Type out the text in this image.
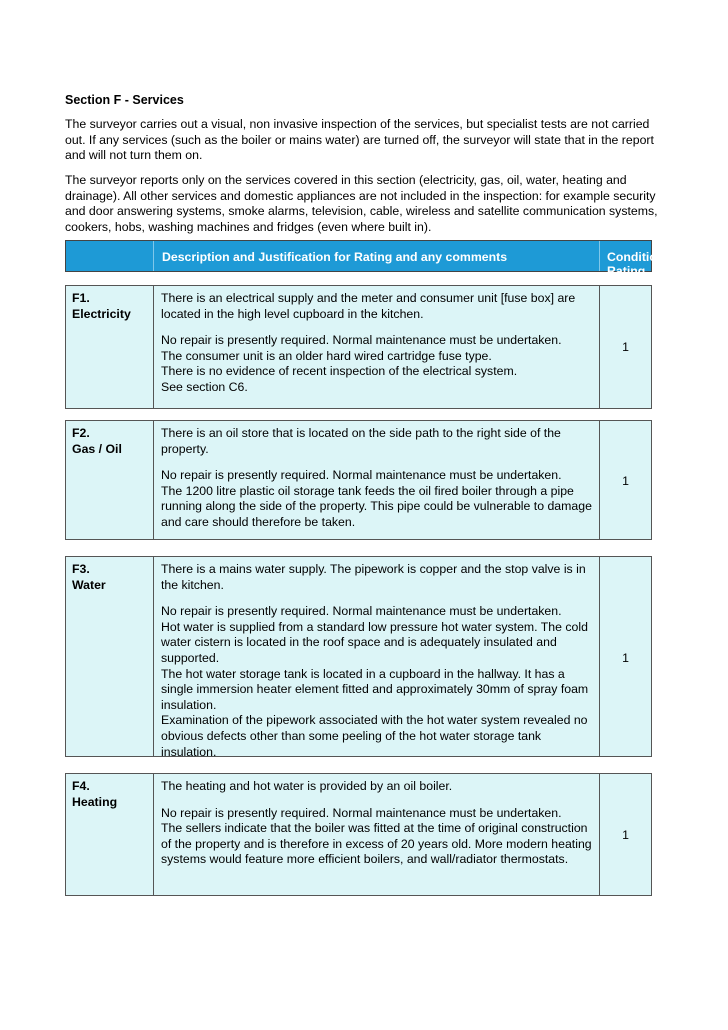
Section F - Services
The surveyor carries out a visual, non invasive inspection of the services, but specialist tests are not carried out. If any services (such as the boiler or mains water) are turned off, the surveyor will state that in the report and will not turn them on.
The surveyor reports only on the services covered in this section (electricity, gas, oil, water, heating and drainage). All other services and domestic appliances are not included in the inspection: for example security and door answering systems, smoke alarms, television, cable, wireless and satellite communication systems, cookers, hobs, washing machines and fridges (even where built in).
Description and Justification for Rating and any comments	Condition Rating
F1.
Electricity

There is an electrical supply and the meter and consumer unit [fuse box] are located in the high level cupboard in the kitchen.

No repair is presently required. Normal maintenance must be undertaken.
The consumer unit is an older hard wired cartridge fuse type.
There is no evidence of recent inspection of the electrical system.
See section C6.

1
F2.
Gas / Oil

There is an oil store that is located on the side path to the right side of the property.

No repair is presently required. Normal maintenance must be undertaken.
The 1200 litre plastic oil storage tank feeds the oil fired boiler through a pipe running along the side of the property. This pipe could be vulnerable to damage and care should therefore be taken.

1
F3.
Water

There is a mains water supply. The pipework is copper and the stop valve is in the kitchen.

No repair is presently required. Normal maintenance must be undertaken.
Hot water is supplied from a standard low pressure hot water system. The cold water cistern is located in the roof space and is adequately insulated and supported.
The hot water storage tank is located in a cupboard in the hallway. It has a single immersion heater element fitted and approximately 30mm of spray foam insulation.
Examination of the pipework associated with the hot water system revealed no obvious defects other than some peeling of the hot water storage tank insulation.

1
F4.
Heating

The heating and hot water is provided by an oil boiler.

No repair is presently required. Normal maintenance must be undertaken.
The sellers indicate that the boiler was fitted at the time of original construction of the property and is therefore in excess of 20 years old. More modern heating systems would feature more efficient boilers, and wall/radiator thermostats.

1
